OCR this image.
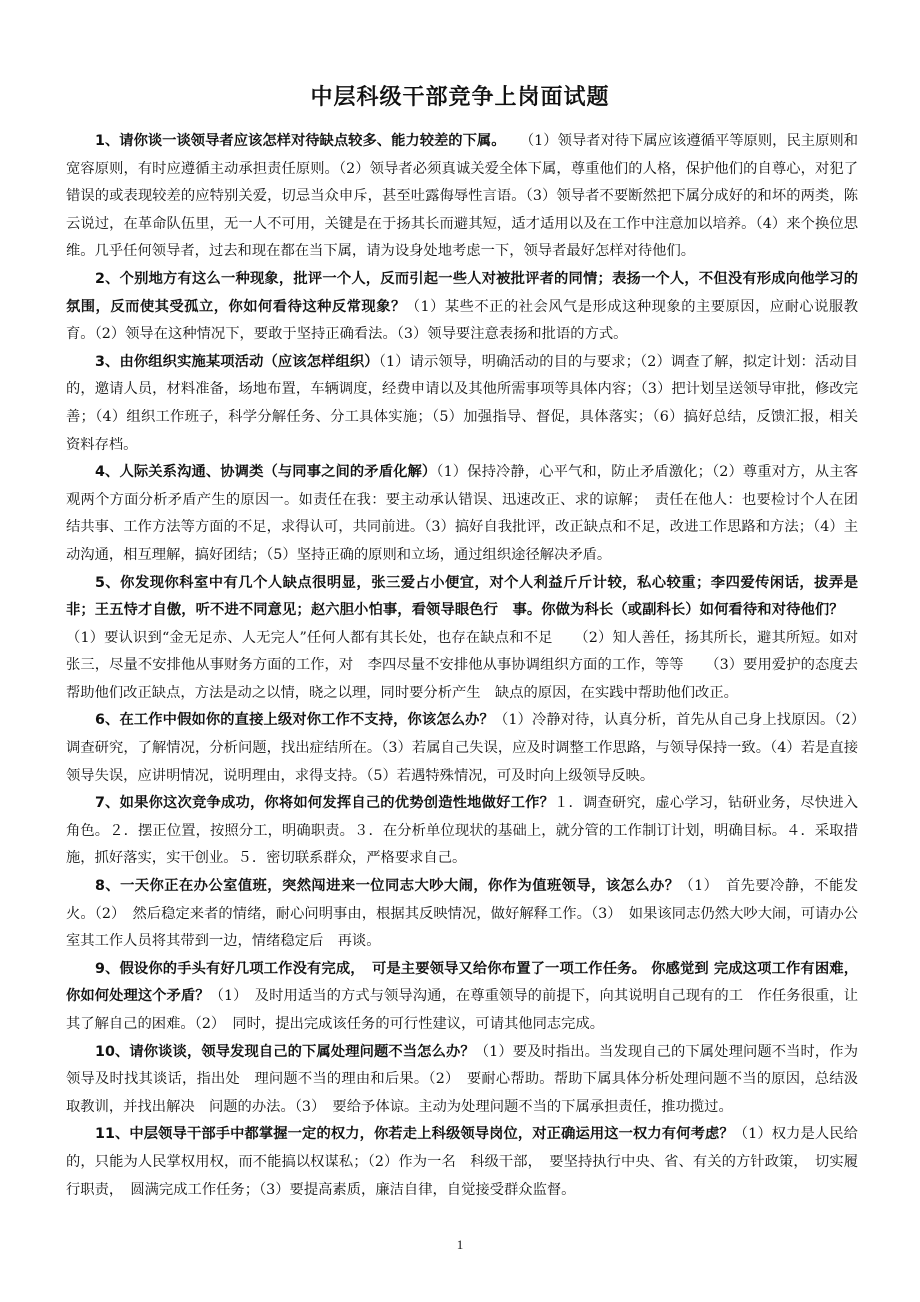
中层科级干部竞争上岗面试题

1、请你谈一谈领导者应该怎样对待缺点较多、能力较差的下属。　　（1）领导者对待下属应该遵循平等原则，民主原则和宽容原则，有时应遵循主动承担责任原则。（2）领导者必须真诚关爱全体下属，尊重他们的人格，保护他们的自尊心，对犯了错误的或表现较差的应特别关爱，切忌当众申斥，甚至吐露侮辱性言语。（3）领导者不要断然把下属分成好的和坏的两类，陈云说过，在革命队伍里，无一人不可用，关键是在于扬其长而避其短，适才适用以及在工作中注意加以培养。（4）来个换位思维。几乎任何领导者，过去和现在都在当下属，请为设身处地考虑一下，领导者最好怎样对待他们。

2、个别地方有这么一种现象，批评一个人，反而引起一些人对被批评者的同情；表扬一个人，不但没有形成向他学习的氛围，反而使其受孤立，你如何看待这种反常现象？（1）某些不正的社会风气是形成这种现象的主要原因，应耐心说服教育。（2）领导在这种情况下，要敢于坚持正确看法。（3）领导要注意表扬和批语的方式。

3、由你组织实施某项活动（应该怎样组织）（1）请示领导，明确活动的目的与要求；（2）调查了解，拟定计划：活动目的，邀请人员，材料准备，场地布置，车辆调度，经费申请以及其他所需事项等具体内容；（3）把计划呈送领导审批，修改完善；（4）组织工作班子，科学分解任务、分工具体实施；（5）加强指导、督促，具体落实；（6）搞好总结，反馈汇报，相关资料存档。

4、人际关系沟通、协调类（与同事之间的矛盾化解）（1）保持冷静，心平气和，防止矛盾激化；（2）尊重对方，从主客观两个方面分析矛盾产生的原因一。如责任在我：要主动承认错误、迅速改正、求的谅解；　责任在他人：也要检讨个人在团结共事、工作方法等方面的不足，求得认可，共同前进。（3）搞好自我批评，改正缺点和不足，改进工作思路和方法；（4）主动沟通，相互理解，搞好团结；（5）坚持正确的原则和立场，通过组织途径解决矛盾。

5、你发现你科室中有几个人缺点很明显，张三爱占小便宜，对个人利益斤斤计较，私心较重；李四爱传闲话，拔弄是非；王五恃才自傲，听不进不同意见；赵六胆小怕事，看领导眼色行　事。你做为科长（或副科长）如何看待和对待他们？　（1）要认识到“金无足赤、人无完人”任何人都有其长处，也存在缺点和不足　　（2）知人善任，扬其所长，避其所短。如对张三，尽量不安排他从事财务方面的工作，对　李四尽量不安排他从事协调组织方面的工作，等等　　（3）要用爱护的态度去帮助他们改正缺点，方法是动之以情，晓之以理，同时要分析产生　缺点的原因，在实践中帮助他们改正。

6、在工作中假如你的直接上级对你工作不支持，你该怎么办？（1）冷静对待，认真分析，首先从自己身上找原因。（2）调查研究，了解情况，分析问题，找出症结所在。（3）若属自己失误，应及时调整工作思路，与领导保持一致。（4）若是直接领导失误，应讲明情况，说明理由，求得支持。（5）若遇特殊情况，可及时向上级领导反映。

7、如果你这次竞争成功，你将如何发挥自己的优势创造性地做好工作？１．调查研究，虚心学习，钻研业务，尽快进入角色。２．摆正位置，按照分工，明确职责。３．在分析单位现状的基础上，就分管的工作制订计划，明确目标。４．采取措施，抓好落实，实干创业。５．密切联系群众，严格要求自己。

8、一天你正在办公室值班，突然闯进来一位同志大吵大闹，你作为值班领导，该怎么办？（1）　首先要冷静，不能发火。（2）　然后稳定来者的情绪，耐心问明事由，根据其反映情况，做好解释工作。（3）　如果该同志仍然大吵大闹，可请办公室其工作人员将其带到一边，情绪稳定后　再谈。

9、假设你的手头有好几项工作没有完成，　可是主要领导又给你布置了一项工作任务。 你感觉到 完成这项工作有困难，你如何处理这个矛盾？（1）　及时用适当的方式与领导沟通，在尊重领导的前提下，向其说明自己现有的工　作任务很重，让其了解自己的困难。（2）　同时，提出完成该任务的可行性建议，可请其他同志完成。

10、请你谈谈，领导发现自己的下属处理问题不当怎么办？（1）要及时指出。当发现自己的下属处理问题不当时，作为领导及时找其谈话，指出处　理问题不当的理由和后果。（2）　要耐心帮助。帮助下属具体分析处理问题不当的原因，总结汲取教训，并找出解决　问题的办法。（3）　要给予体谅。主动为处理问题不当的下属承担责任，推功揽过。

11、中层领导干部手中都掌握一定的权力，你若走上科级领导岗位，对正确运用这一权力有何考虑？（1）权力是人民给的，只能为人民掌权用权，而不能搞以权谋私；（2）作为一名　科级干部，　要坚持执行中央、省、有关的方针政策，　切实履行职责，　圆满完成工作任务；（3）要提高素质，廉洁自律，自觉接受群众监督。

1
